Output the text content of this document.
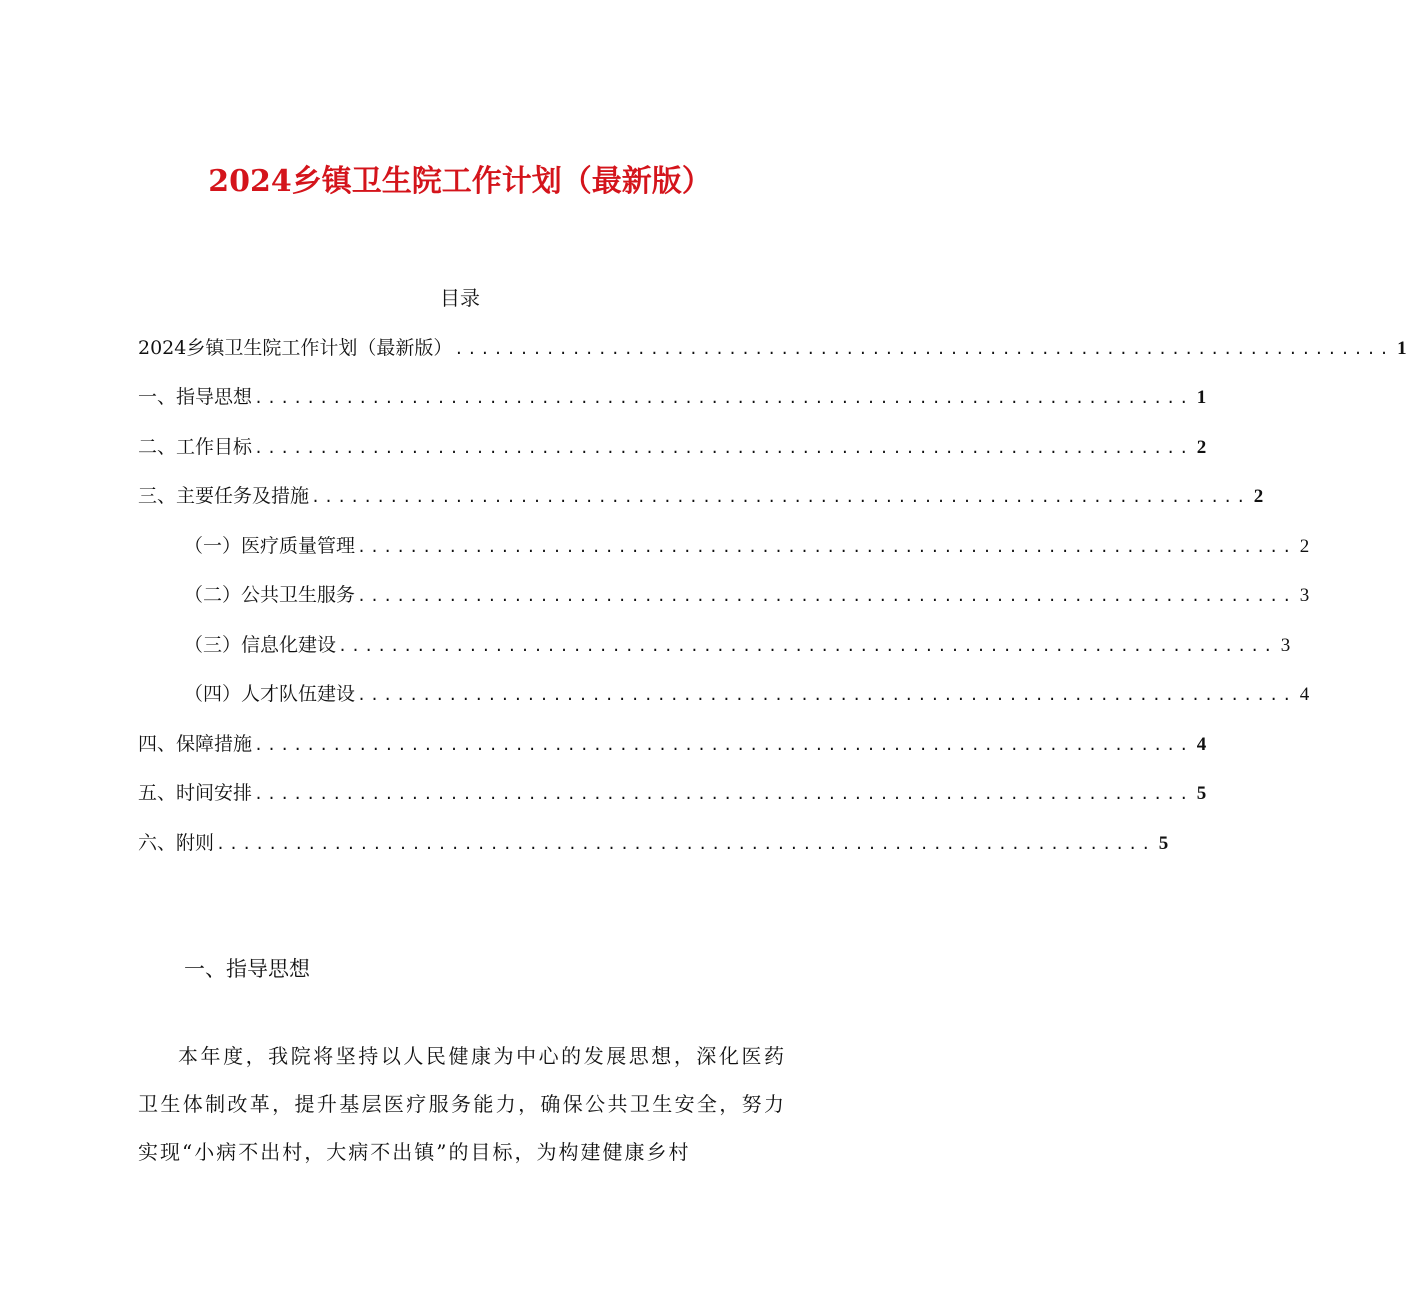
2024乡镇卫生院工作计划（最新版）
目录
2024乡镇卫生院工作计划（最新版） ........................................................................ 1
一、指导思想 ........................................................................ 1
二、工作目标 ........................................................................ 2
三、主要任务及措施 ........................................................................ 2
（一）医疗质量管理 ........................................................................ 2
（二）公共卫生服务 ........................................................................ 3
（三）信息化建设 ........................................................................ 3
（四）人才队伍建设 ........................................................................ 4
四、保障措施 ........................................................................ 4
五、时间安排 ........................................................................ 5
六、附则 ........................................................................ 5
一、指导思想

本年度，我院将坚持以人民健康为中心的发展思想，深化医药卫生体制改革，提升基层医疗服务能力，确保公共卫生安全，努力实现“小病不出村，大病不出镇”的目标，为构建健康乡村
